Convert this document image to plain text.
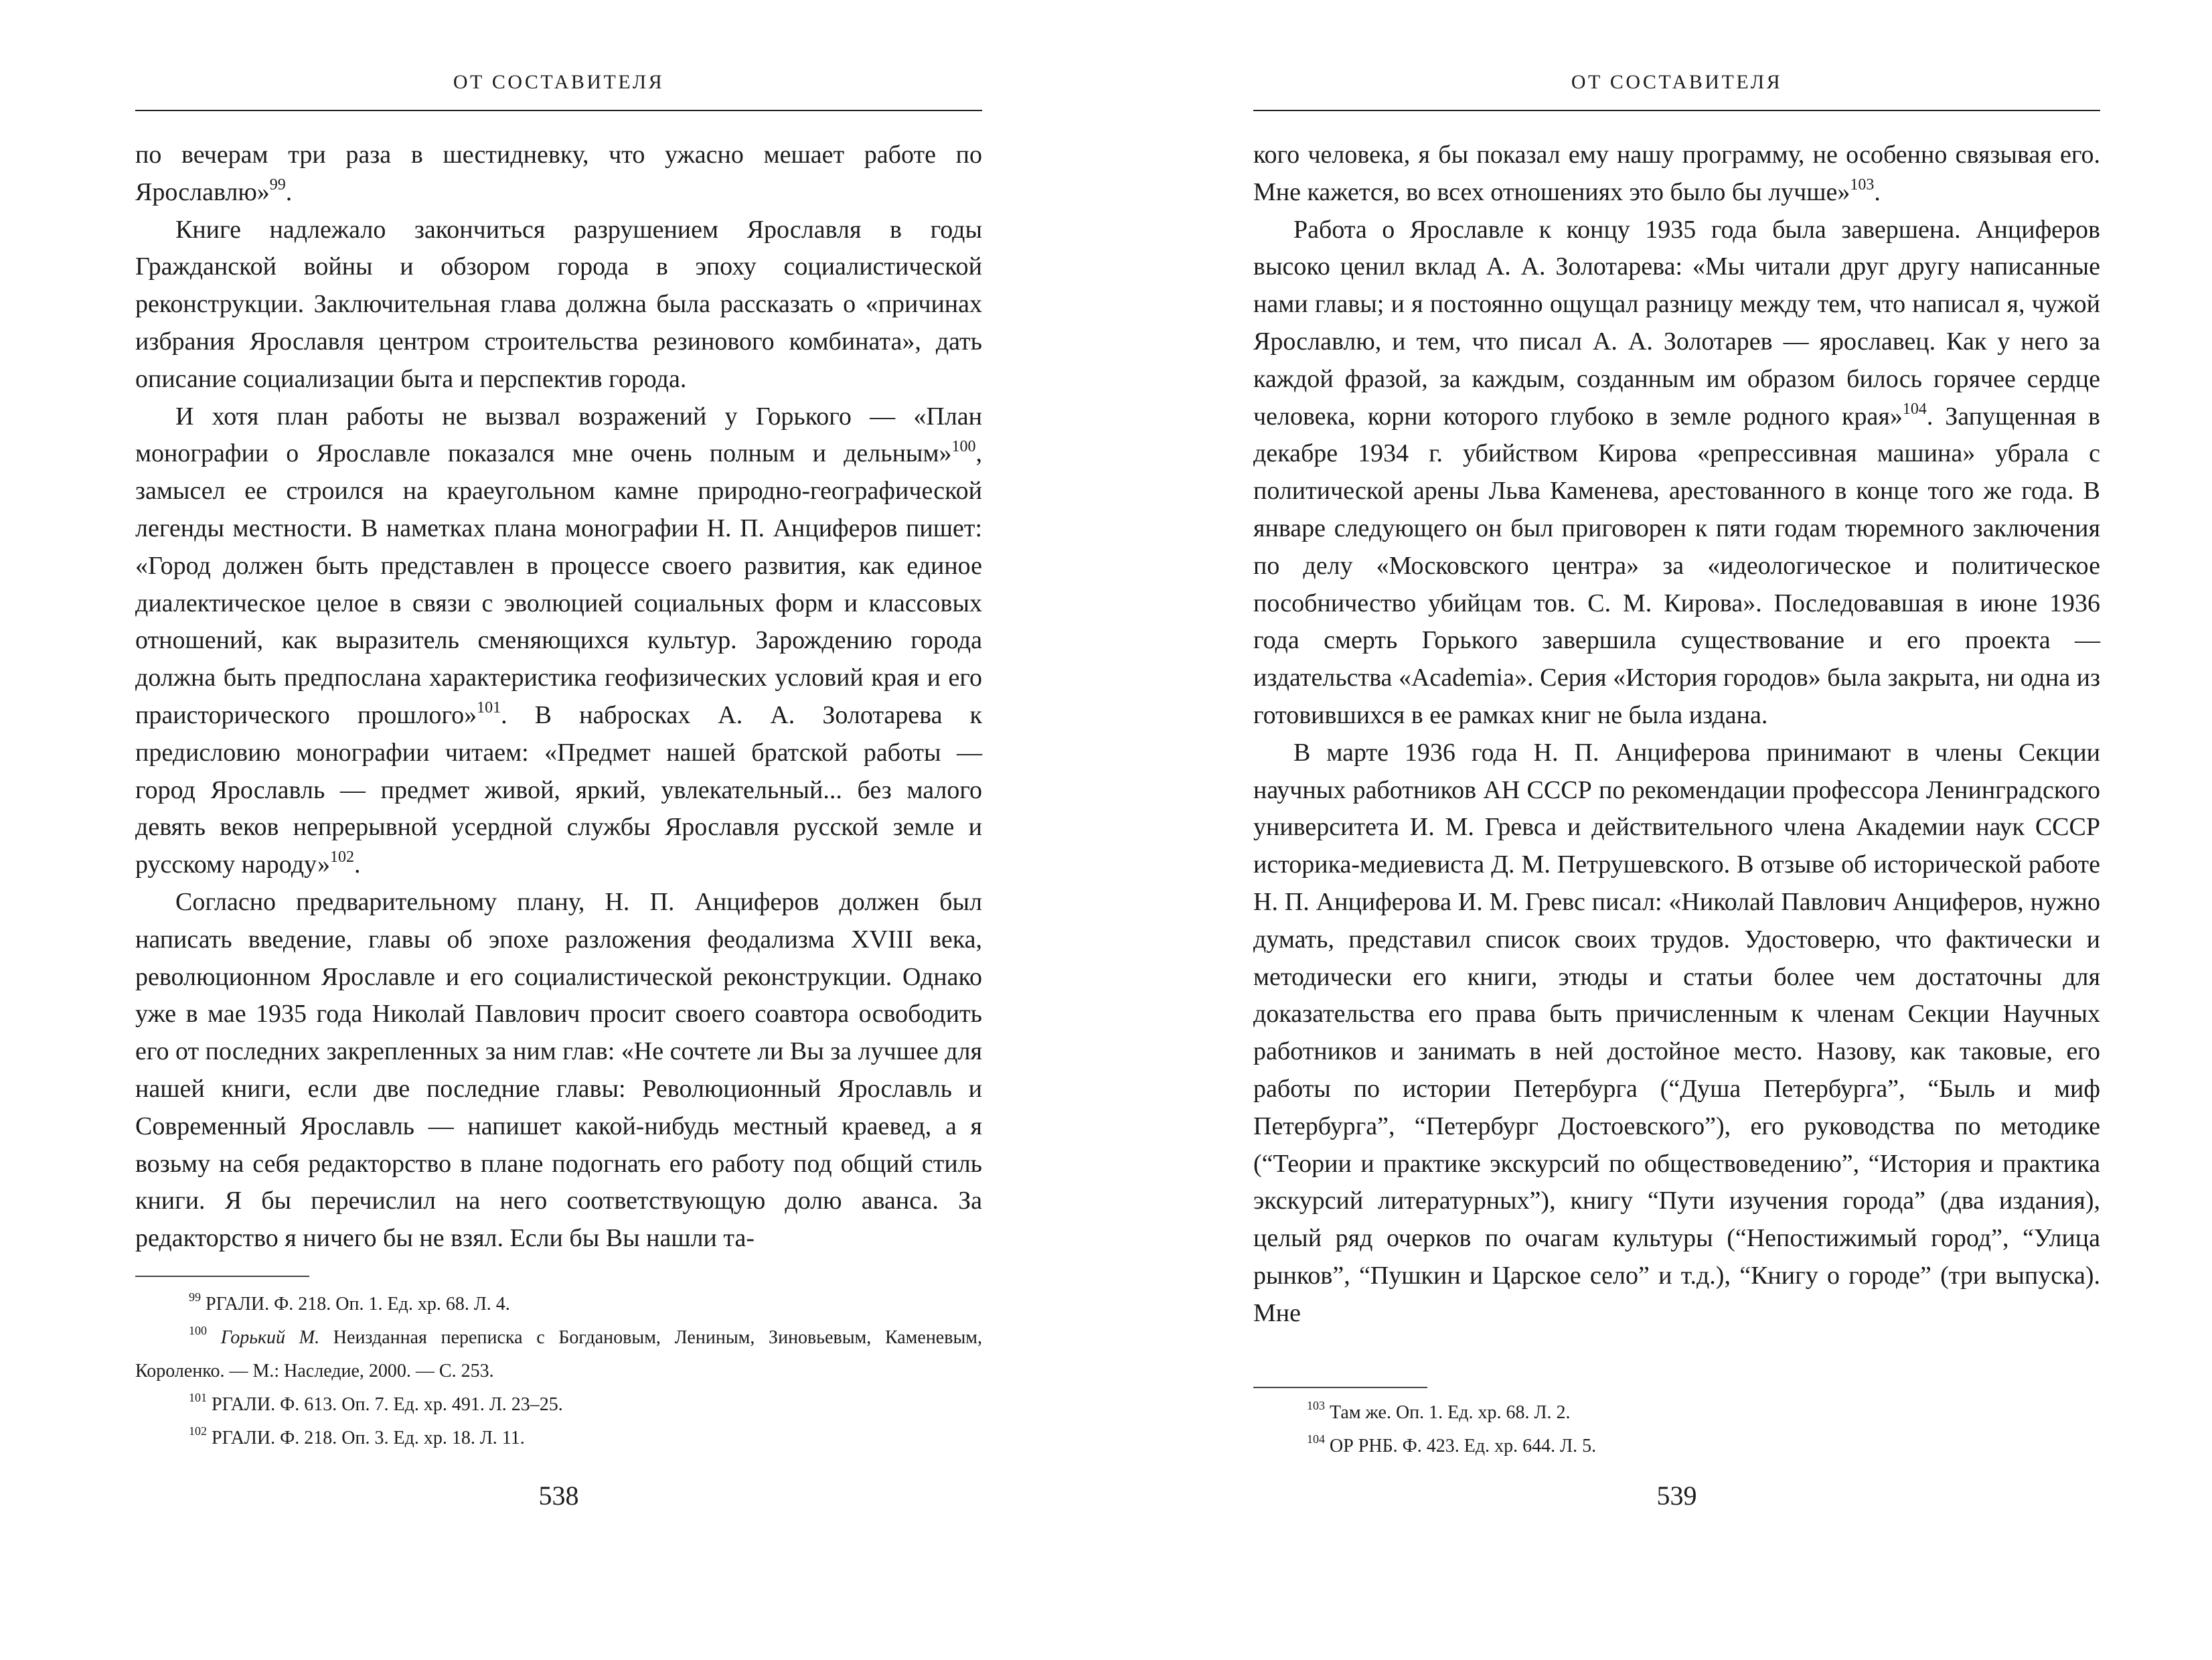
ОТ СОСТАВИТЕЛЯ

по вечерам три раза в шестидневку, что ужасно мешает работе по Ярославлю»$^{99}$.

Книге надлежало закончиться разрушением Ярославля в годы Гражданской войны и обзором города в эпоху социалистической реконструкции. Заключительная глава должна была рассказать о «причинах избрания Ярославля центром строительства резинового комбината», дать описание социализации быта и перспектив города.

И хотя план работы не вызвал возражений у Горького — «План монографии о Ярославле показался мне очень полным и дельным»$^{100}$, замысел ее строился на краеугольном камне природно-географической легенды местности. В наметках плана монографии Н. П. Анциферов пишет: «Город должен быть представлен в процессе своего развития, как единое диалектическое целое в связи с эволюцией социальных форм и классовых отношений, как выразитель сменяющихся культур. Зарождению города должна быть предпослана характеристика геофизических условий края и его праисторического прошлого»$^{101}$. В набросках А. А. Золотарева к предисловию монографии читаем: «Предмет нашей братской работы — город Ярославль — предмет живой, яркий, увлекательный... без малого девять веков непрерывной усердной службы Ярославля русской земле и русскому народу»$^{102}$.

Согласно предварительному плану, Н. П. Анциферов должен был написать введение, главы об эпохе разложения феодализма XVIII века, революционном Ярославле и его социалистической реконструкции. Однако уже в мае 1935 года Николай Павлович просит своего соавтора освободить его от последних закрепленных за ним глав: «Не сочтете ли Вы за лучшее для нашей книги, если две последние главы: Революционный Ярославль и Современный Ярославль — напишет какой-нибудь местный краевед, а я возьму на себя редакторство в плане подогнать его работу под общий стиль книги. Я бы перечислил на него соответствующую долю аванса. За редакторство я ничего бы не взял. Если бы Вы нашли та-

$^{99}$ РГАЛИ. Ф. 218. Оп. 1. Ед. хр. 68. Л. 4.

$^{100}$ Горький М. Неизданная переписка с Богдановым, Лениным, Зиновьевым, Каменевым, Короленко. — М.: Наследие, 2000. — С. 253.

$^{101}$ РГАЛИ. Ф. 613. Оп. 7. Ед. хр. 491. Л. 23–25.

$^{102}$ РГАЛИ. Ф. 218. Оп. 3. Ед. хр. 18. Л. 11.

538
ОТ СОСТАВИТЕЛЯ

кого человека, я бы показал ему нашу программу, не особенно связывая его. Мне кажется, во всех отношениях это было бы лучше»$^{103}$.

Работа о Ярославле к концу 1935 года была завершена. Анциферов высоко ценил вклад А. А. Золотарева: «Мы читали друг другу написанные нами главы; и я постоянно ощущал разницу между тем, что написал я, чужой Ярославлю, и тем, что писал А. А. Золотарев — ярославец. Как у него за каждой фразой, за каждым, созданным им образом билось горячее сердце человека, корни которого глубоко в земле родного края»$^{104}$. Запущенная в декабре 1934 г. убийством Кирова «репрессивная машина» убрала с политической арены Льва Каменева, арестованного в конце того же года. В январе следующего он был приговорен к пяти годам тюремного заключения по делу «Московского центра» за «идеологическое и политическое пособничество убийцам тов. С. М. Кирова». Последовавшая в июне 1936 года смерть Горького завершила существование и его проекта — издательства «Academia». Серия «История городов» была закрыта, ни одна из готовившихся в ее рамках книг не была издана.

В марте 1936 года Н. П. Анциферова принимают в члены Секции научных работников АН СССР по рекомендации профессора Ленинградского университета И. М. Гревса и действительного члена Академии наук СССР историка-медиевиста Д. М. Петрушевского. В отзыве об исторической работе Н. П. Анциферова И. М. Гревс писал: «Николай Павлович Анциферов, нужно думать, представил список своих трудов. Удостоверю, что фактически и методически его книги, этюды и статьи более чем достаточны для доказательства его права быть причисленным к членам Секции Научных работников и занимать в ней достойное место. Назову, как таковые, его работы по истории Петербурга (“Душа Петербурга”, “Быль и миф Петербурга”, “Петербург Достоевского”), его руководства по методике (“Теории и практике экскурсий по обществоведению”, “История и практика экскурсий литературных”), книгу “Пути изучения города” (два издания), целый ряд очерков по очагам культуры (“Непостижимый город”, “Улица рынков”, “Пушкин и Царское село” и т.д.), “Книгу о городе” (три выпуска). Мне

$^{103}$ Там же. Оп. 1. Ед. хр. 68. Л. 2.

$^{104}$ ОР РНБ. Ф. 423. Ед. хр. 644. Л. 5.

539
